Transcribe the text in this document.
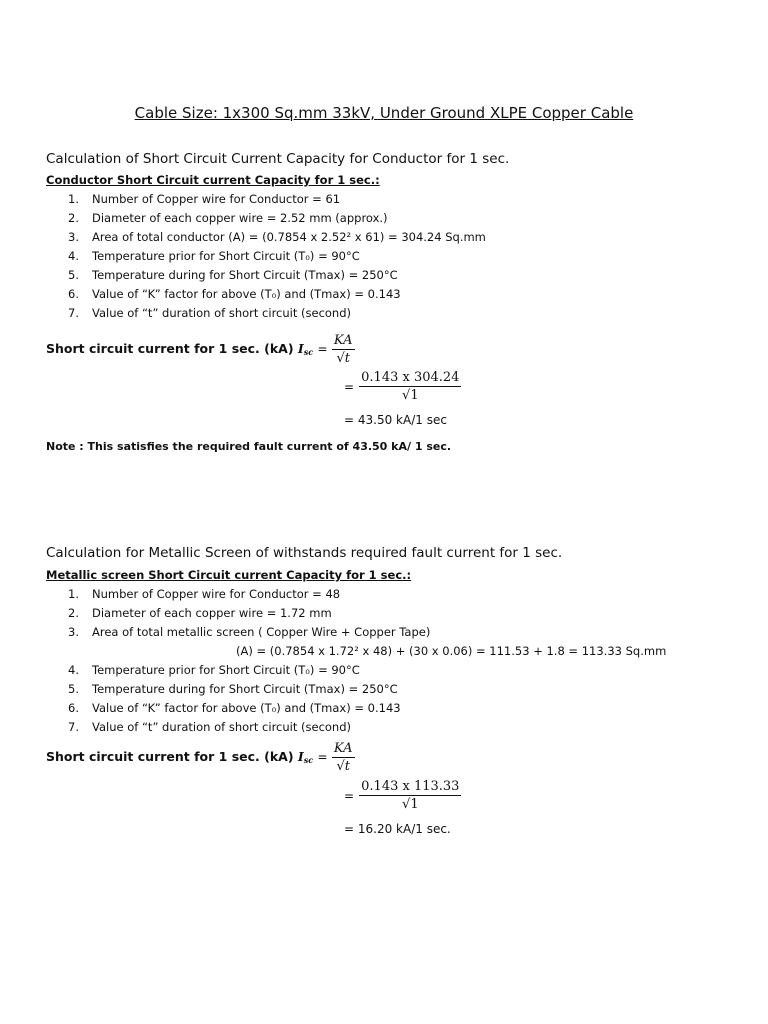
Cable Size: 1x300 Sq.mm 33kV, Under Ground XLPE Copper Cable
Calculation of Short Circuit Current Capacity for Conductor for 1 sec.
Conductor Short Circuit current Capacity for 1 sec.:
1. Number of Copper wire for Conductor = 61
2. Diameter of each copper wire = 2.52 mm (approx.)
3. Area of total conductor (A) = (0.7854 x 2.52² x 61) = 304.24 Sq.mm
4. Temperature prior for Short Circuit (T₀) = 90°C
5. Temperature during for Short Circuit (Tmax) = 250°C
6. Value of “K” factor for above (T₀) and (Tmax) = 0.143
7. Value of “t” duration of short circuit (second)
Short circuit current for 1 sec. (kA) Isc = $\frac{KA}{√t}$
= $\frac{0.143 x 304.24}{√1}$
= 43.50 kA/1 sec
Note : This satisfies the required fault current of 43.50 kA/ 1 sec.
Calculation for Metallic Screen of withstands required fault current for 1 sec.
Metallic screen Short Circuit current Capacity for 1 sec.:
1. Number of Copper wire for Conductor = 48
2. Diameter of each copper wire = 1.72 mm
3. Area of total metallic screen ( Copper Wire + Copper Tape)
(A) = (0.7854 x 1.72² x 48) + (30 x 0.06) = 111.53 + 1.8 = 113.33 Sq.mm
4. Temperature prior for Short Circuit (T₀) = 90°C
5. Temperature during for Short Circuit (Tmax) = 250°C
6. Value of “K” factor for above (T₀) and (Tmax) = 0.143
7. Value of “t” duration of short circuit (second)
Short circuit current for 1 sec. (kA) Isc = $\frac{KA}{√t}$
= $\frac{0.143 x 113.33}{√1}$
= 16.20 kA/1 sec.
